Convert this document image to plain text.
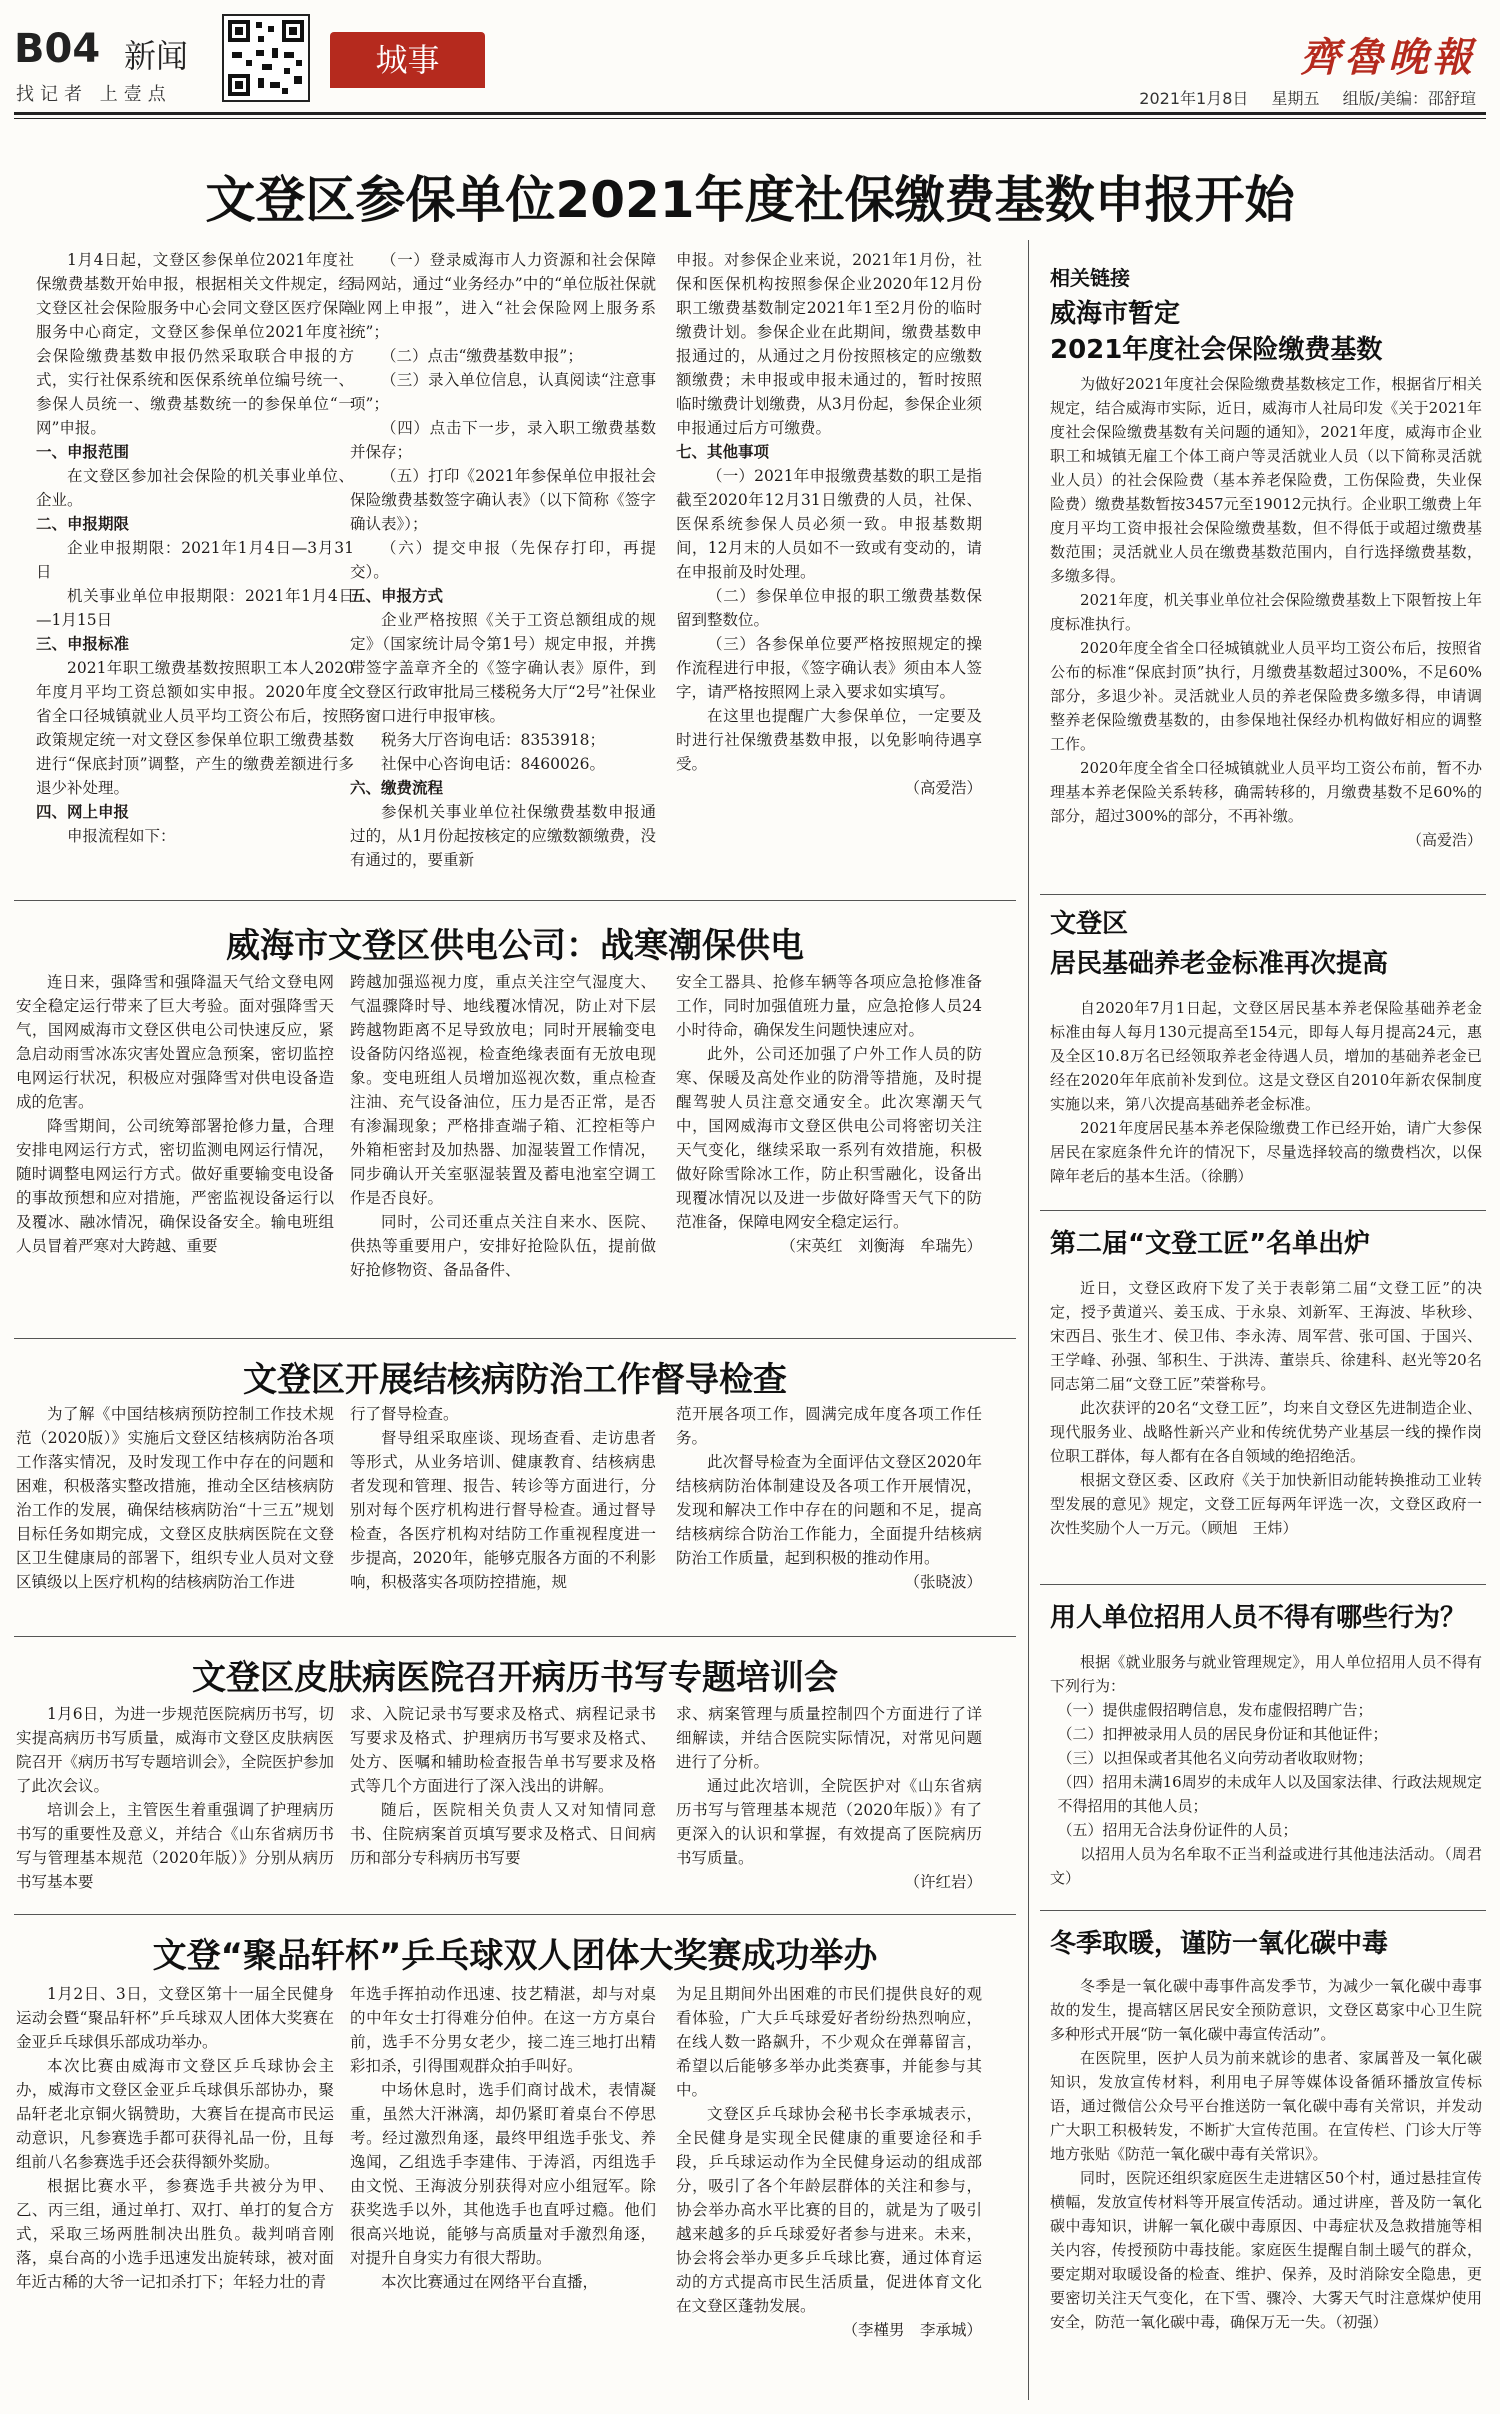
B04 新闻
找记者 上壹点
城事	齊魯晚報
2021年1月8日 星期五 组版/美编：邵舒瑄
文登区参保单位2021年度社保缴费基数申报开始

1月4日起，文登区参保单位2021年度社保缴费基数开始申报，根据相关文件规定，经文登区社会保险服务中心会同文登区医疗保障服务中心商定，文登区参保单位2021年度社会保险缴费基数申报仍然采取联合申报的方式，实行社保系统和医保系统单位编号统一、参保人员统一、缴费基数统一的参保单位“一网”申报。

一、申报范围

在文登区参加社会保险的机关事业单位、企业。

二、申报期限

企业申报期限：2021年1月4日—3月31日

机关事业单位申报期限：2021年1月4日—1月15日

三、申报标准

2021年职工缴费基数按照职工本人2020年度月平均工资总额如实申报。2020年度全省全口径城镇就业人员平均工资公布后，按照政策规定统一对文登区参保单位职工缴费基数进行“保底封顶”调整，产生的缴费差额进行多退少补处理。

四、网上申报

申报流程如下：

（一）登录威海市人力资源和社会保障局网站，通过“业务经办”中的“单位版社保就业网上申报”，进入“社会保险网上服务系统”；

（二）点击“缴费基数申报”；

（三）录入单位信息，认真阅读“注意事项”；

（四）点击下一步，录入职工缴费基数并保存；

（五）打印《2021年参保单位申报社会保险缴费基数签字确认表》（以下简称《签字确认表》）；

（六）提交申报（先保存打印，再提交）。

五、申报方式

企业严格按照《关于工资总额组成的规定》（国家统计局令第1号）规定申报，并携带签字盖章齐全的《签字确认表》原件，到文登区行政审批局三楼税务大厅“2号”社保业务窗口进行申报审核。

税务大厅咨询电话：8353918；

社保中心咨询电话：8460026。

六、缴费流程

参保机关事业单位社保缴费基数申报通过的，从1月份起按核定的应缴数额缴费，没有通过的，要重新

申报。对参保企业来说，2021年1月份，社保和医保机构按照参保企业2020年12月份职工缴费基数制定2021年1至2月份的临时缴费计划。参保企业在此期间，缴费基数申报通过的，从通过之月份按照核定的应缴数额缴费；未申报或申报未通过的，暂时按照临时缴费计划缴费，从3月份起，参保企业须申报通过后方可缴费。

七、其他事项

（一）2021年申报缴费基数的职工是指截至2020年12月31日缴费的人员，社保、医保系统参保人员必须一致。申报基数期间，12月末的人员如不一致或有变动的，请在申报前及时处理。

（二）参保单位申报的职工缴费基数保留到整数位。

（三）各参保单位要严格按照规定的操作流程进行申报，《签字确认表》须由本人签字，请严格按照网上录入要求如实填写。

在这里也提醒广大参保单位，一定要及时进行社保缴费基数申报，以免影响待遇享受。

（高爱浩）

威海市文登区供电公司：战寒潮保供电

连日来，强降雪和强降温天气给文登电网安全稳定运行带来了巨大考验。面对强降雪天气，国网威海市文登区供电公司快速反应，紧急启动雨雪冰冻灾害处置应急预案，密切监控电网运行状况，积极应对强降雪对供电设备造成的危害。

降雪期间，公司统筹部署抢修力量，合理安排电网运行方式，密切监测电网运行情况，随时调整电网运行方式。做好重要输变电设备的事故预想和应对措施，严密监视设备运行以及覆冰、融冰情况，确保设备安全。输电班组人员冒着严寒对大跨越、重要

跨越加强巡视力度，重点关注空气湿度大、气温骤降时导、地线覆冰情况，防止对下层跨越物距离不足导致放电；同时开展输变电设备防闪络巡视，检查绝缘表面有无放电现象。变电班组人员增加巡视次数，重点检查注油、充气设备油位，压力是否正常，是否有渗漏现象；严格排查端子箱、汇控柜等户外箱柜密封及加热器、加湿装置工作情况，同步确认开关室驱湿装置及蓄电池室空调工作是否良好。

同时，公司还重点关注自来水、医院、供热等重要用户，安排好抢险队伍，提前做好抢修物资、备品备件、

安全工器具、抢修车辆等各项应急抢修准备工作，同时加强值班力量，应急抢修人员24小时待命，确保发生问题快速应对。

此外，公司还加强了户外工作人员的防寒、保暖及高处作业的防滑等措施，及时提醒驾驶人员注意交通安全。此次寒潮天气中，国网威海市文登区供电公司将密切关注天气变化，继续采取一系列有效措施，积极做好除雪除冰工作，防止积雪融化，设备出现覆冰情况以及进一步做好降雪天气下的防范准备，保障电网安全稳定运行。

（宋英红　刘衡海　牟瑞先）

文登区开展结核病防治工作督导检查

为了解《中国结核病预防控制工作技术规范（2020版）》实施后文登区结核病防治各项工作落实情况，及时发现工作中存在的问题和困难，积极落实整改措施，推动全区结核病防治工作的发展，确保结核病防治“十三五”规划目标任务如期完成，文登区皮肤病医院在文登区卫生健康局的部署下，组织专业人员对文登区镇级以上医疗机构的结核病防治工作进

行了督导检查。

督导组采取座谈、现场查看、走访患者等形式，从业务培训、健康教育、结核病患者发现和管理、报告、转诊等方面进行，分别对每个医疗机构进行督导检查。通过督导检查，各医疗机构对结防工作重视程度进一步提高，2020年，能够克服各方面的不利影响，积极落实各项防控措施，规

范开展各项工作，圆满完成年度各项工作任务。

此次督导检查为全面评估文登区2020年结核病防治体制建设及各项工作开展情况，发现和解决工作中存在的问题和不足，提高结核病综合防治工作能力，全面提升结核病防治工作质量，起到积极的推动作用。

（张晓波）

文登区皮肤病医院召开病历书写专题培训会

1月6日，为进一步规范医院病历书写，切实提高病历书写质量，威海市文登区皮肤病医院召开《病历书写专题培训会》，全院医护参加了此次会议。

培训会上，主管医生着重强调了护理病历书写的重要性及意义，并结合《山东省病历书写与管理基本规范（2020年版）》分别从病历书写基本要

求、入院记录书写要求及格式、病程记录书写要求及格式、护理病历书写要求及格式、处方、医嘱和辅助检查报告单书写要求及格式等几个方面进行了深入浅出的讲解。

随后，医院相关负责人又对知情同意书、住院病案首页填写要求及格式、日间病历和部分专科病历书写要

求、病案管理与质量控制四个方面进行了详细解读，并结合医院实际情况，对常见问题进行了分析。

通过此次培训，全院医护对《山东省病历书写与管理基本规范（2020年版）》有了更深入的认识和掌握，有效提高了医院病历书写质量。

（许红岩）

文登“聚品轩杯”乒乓球双人团体大奖赛成功举办

1月2日、3日，文登区第十一届全民健身运动会暨“聚品轩杯”乒乓球双人团体大奖赛在金亚乒乓球俱乐部成功举办。

本次比赛由威海市文登区乒乓球协会主办，威海市文登区金亚乒乓球俱乐部协办，聚品轩老北京铜火锅赞助，大赛旨在提高市民运动意识，凡参赛选手都可获得礼品一份，且每组前八名参赛选手还会获得额外奖励。

根据比赛水平，参赛选手共被分为甲、乙、丙三组，通过单打、双打、单打的复合方式，采取三场两胜制决出胜负。裁判哨音刚落，桌台高的小选手迅速发出旋转球，被对面年近古稀的大爷一记扣杀打下；年轻力壮的青

年选手挥拍动作迅速、技艺精湛，却与对桌的中年女士打得难分伯仲。在这一方方桌台前，选手不分男女老少，接二连三地打出精彩扣杀，引得围观群众拍手叫好。

中场休息时，选手们商讨战术，表情凝重，虽然大汗淋漓，却仍紧盯着桌台不停思考。经过激烈角逐，最终甲组选手张戈、养逸闻，乙组选手李建伟、于涛滔，丙组选手由文悦、王海波分别获得对应小组冠军。除获奖选手以外，其他选手也直呼过瘾。他们很高兴地说，能够与高质量对手激烈角逐，对提升自身实力有很大帮助。

本次比赛通过在网络平台直播，

为足且期间外出困难的市民们提供良好的观看体验，广大乒乓球爱好者纷纷热烈响应，在线人数一路飙升，不少观众在弹幕留言，希望以后能够多举办此类赛事，并能参与其中。

文登区乒乓球协会秘书长李承城表示，全民健身是实现全民健康的重要途径和手段，乒乓球运动作为全民健身运动的组成部分，吸引了各个年龄层群体的关注和参与，协会举办高水平比赛的目的，就是为了吸引越来越多的乒乓球爱好者参与进来。未来，协会将会举办更多乒乓球比赛，通过体育运动的方式提高市民生活质量，促进体育文化在文登区蓬勃发展。

（李槿男　李承城）

相关链接
威海市暂定
2021年度社会保险缴费基数

为做好2021年度社会保险缴费基数核定工作，根据省厅相关规定，结合威海市实际，近日，威海市人社局印发《关于2021年度社会保险缴费基数有关问题的通知》，2021年度，威海市企业职工和城镇无雇工个体工商户等灵活就业人员（以下简称灵活就业人员）的社会保险费（基本养老保险费，工伤保险费，失业保险费）缴费基数暂按3457元至19012元执行。企业职工缴费上年度月平均工资申报社会保险缴费基数，但不得低于或超过缴费基数范围；灵活就业人员在缴费基数范围内，自行选择缴费基数，多缴多得。

2021年度，机关事业单位社会保险缴费基数上下限暂按上年度标准执行。

2020年度全省全口径城镇就业人员平均工资公布后，按照省公布的标准“保底封顶”执行，月缴费基数超过300%，不足60%部分，多退少补。灵活就业人员的养老保险费多缴多得，申请调整养老保险缴费基数的，由参保地社保经办机构做好相应的调整工作。

2020年度全省全口径城镇就业人员平均工资公布前，暂不办理基本养老保险关系转移，确需转移的，月缴费基数不足60%的部分，超过300%的部分，不再补缴。

（高爱浩）

文登区
居民基础养老金标准再次提高

自2020年7月1日起，文登区居民基本养老保险基础养老金标准由每人每月130元提高至154元，即每人每月提高24元，惠及全区10.8万名已经领取养老金待遇人员，增加的基础养老金已经在2020年年底前补发到位。这是文登区自2010年新农保制度实施以来，第八次提高基础养老金标准。

2021年度居民基本养老保险缴费工作已经开始，请广大参保居民在家庭条件允许的情况下，尽量选择较高的缴费档次，以保障年老后的基本生活。（徐鹏）

第二届“文登工匠”名单出炉

近日，文登区政府下发了关于表彰第二届“文登工匠”的决定，授予黄道兴、姜玉成、于永泉、刘新军、王海波、毕秋珍、宋西吕、张生才、侯卫伟、李永涛、周军营、张可国、于国兴、王学峰、孙强、邹积生、于洪涛、董崇兵、徐建科、赵光等20名同志第二届“文登工匠”荣誉称号。

此次获评的20名“文登工匠”，均来自文登区先进制造企业、现代服务业、战略性新兴产业和传统优势产业基层一线的操作岗位职工群体，每人都有在各自领域的绝招绝活。

根据文登区委、区政府《关于加快新旧动能转换推动工业转型发展的意见》规定，文登工匠每两年评选一次，文登区政府一次性奖励个人一万元。（顾旭　王炜）

用人单位招用人员不得有哪些行为？

根据《就业服务与就业管理规定》，用人单位招用人员不得有下列行为：

（一）提供虚假招聘信息，发布虚假招聘广告；

（二）扣押被录用人员的居民身份证和其他证件；

（三）以担保或者其他名义向劳动者收取财物；

（四）招用未满16周岁的未成年人以及国家法律、行政法规规定不得招用的其他人员；

（五）招用无合法身份证件的人员；

以招用人员为名牟取不正当利益或进行其他违法活动。（周君文）

冬季取暖，谨防一氧化碳中毒

冬季是一氧化碳中毒事件高发季节，为减少一氧化碳中毒事故的发生，提高辖区居民安全预防意识，文登区葛家中心卫生院多种形式开展“防一氧化碳中毒宣传活动”。

在医院里，医护人员为前来就诊的患者、家属普及一氧化碳知识，发放宣传材料，利用电子屏等媒体设备循环播放宣传标语，通过微信公众号平台推送防一氧化碳中毒有关常识，并发动广大职工积极转发，不断扩大宣传范围。在宣传栏、门诊大厅等地方张贴《防范一氧化碳中毒有关常识》。

同时，医院还组织家庭医生走进辖区50个村，通过悬挂宣传横幅，发放宣传材料等开展宣传活动。通过讲座，普及防一氧化碳中毒知识，讲解一氧化碳中毒原因、中毒症状及急救措施等相关内容，传授预防中毒技能。家庭医生提醒自制土暖气的群众，要定期对取暖设备的检查、维护、保养，及时消除安全隐患，更要密切关注天气变化，在下雪、骤冷、大雾天气时注意煤炉使用安全，防范一氧化碳中毒，确保万无一失。（初强）
